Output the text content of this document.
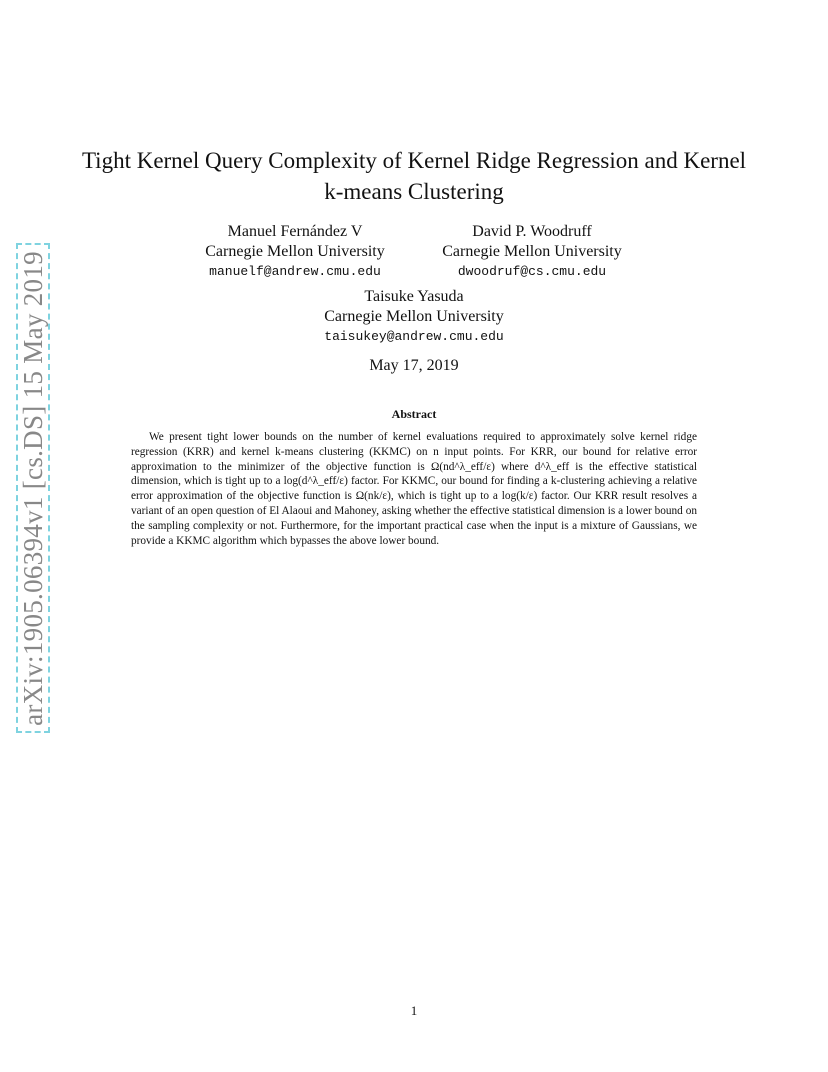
arXiv:1905.06394v1 [cs.DS] 15 May 2019
Tight Kernel Query Complexity of Kernel Ridge Regression and Kernel k-means Clustering
Manuel Fernández V
Carnegie Mellon University
manuelf@andrew.cmu.edu
David P. Woodruff
Carnegie Mellon University
dwoodruf@cs.cmu.edu
Taisuke Yasuda
Carnegie Mellon University
taisukey@andrew.cmu.edu
May 17, 2019
Abstract
We present tight lower bounds on the number of kernel evaluations required to approximately solve kernel ridge regression (KRR) and kernel k-means clustering (KKMC) on n input points. For KRR, our bound for relative error approximation to the minimizer of the objective function is Ω(nd^λ_eff/ε) where d^λ_eff is the effective statistical dimension, which is tight up to a log(d^λ_eff/ε) factor. For KKMC, our bound for finding a k-clustering achieving a relative error approximation of the objective function is Ω(nk/ε), which is tight up to a log(k/ε) factor. Our KRR result resolves a variant of an open question of El Alaoui and Mahoney, asking whether the effective statistical dimension is a lower bound on the sampling complexity or not. Furthermore, for the important practical case when the input is a mixture of Gaussians, we provide a KKMC algorithm which bypasses the above lower bound.
1
